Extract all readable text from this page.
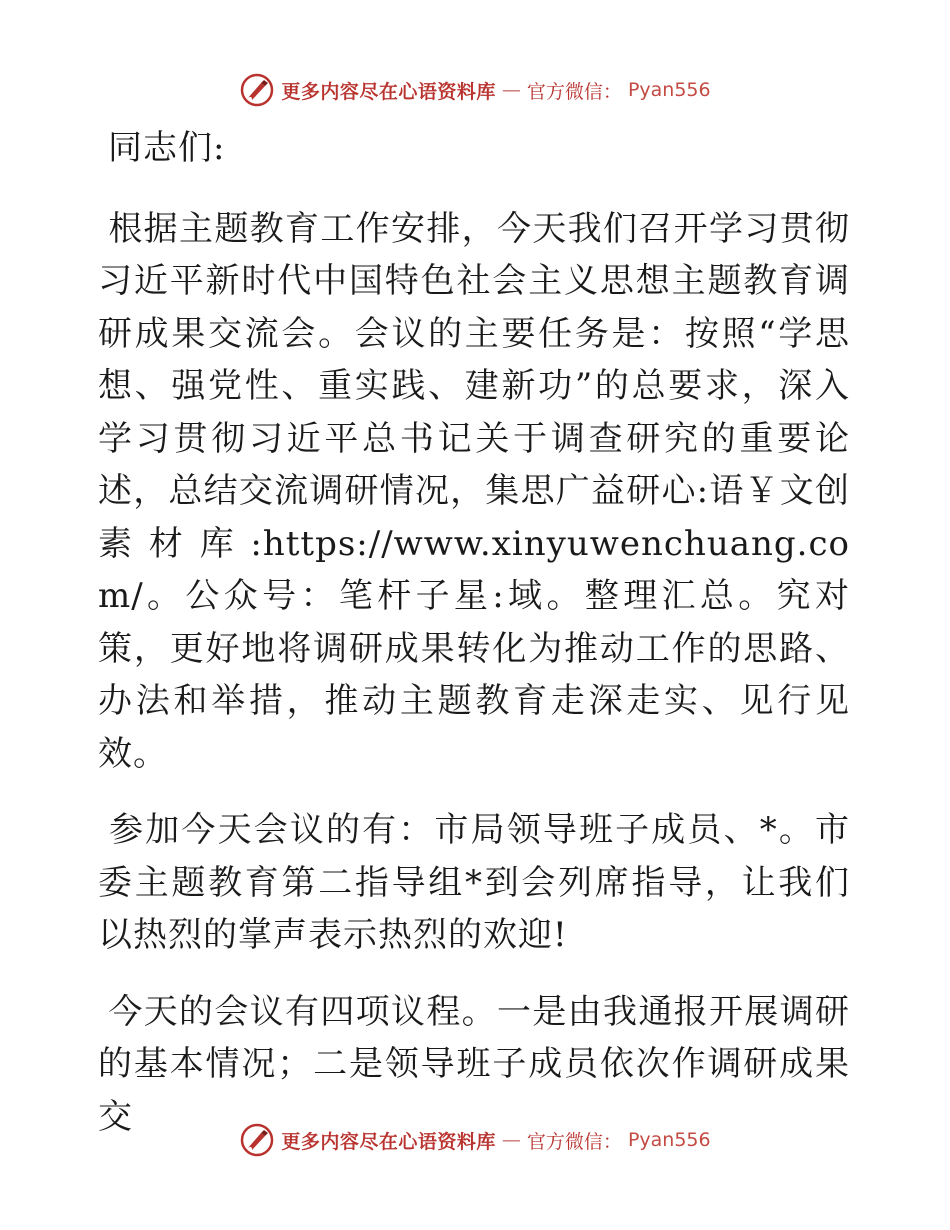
更多内容尽在心语资料库 — 官方微信： Pyan556

同志们:

根据主题教育工作安排，今天我们召开学习贯彻习近平新时代中国特色社会主义思想主题教育调研成果交流会。会议的主要任务是：按照“学思想、强党性、重实践、建新功”的总要求，深入学习贯彻习近平总书记关于调查研究的重要论述，总结交流调研情况，集思广益研心:语￥文创素材库:https://www.xinyuwenchuang.com/。公众号：笔杆子星:域。整理汇总。究对策，更好地将调研成果转化为推动工作的思路、办法和举措，推动主题教育走深走实、见行见效。

参加今天会议的有：市局领导班子成员、*。市委主题教育第二指导组*到会列席指导，让我们以热烈的掌声表示热烈的欢迎!

今天的会议有四项议程。一是由我通报开展调研的基本情况；二是领导班子成员依次作调研成果交

更多内容尽在心语资料库 — 官方微信： Pyan556
